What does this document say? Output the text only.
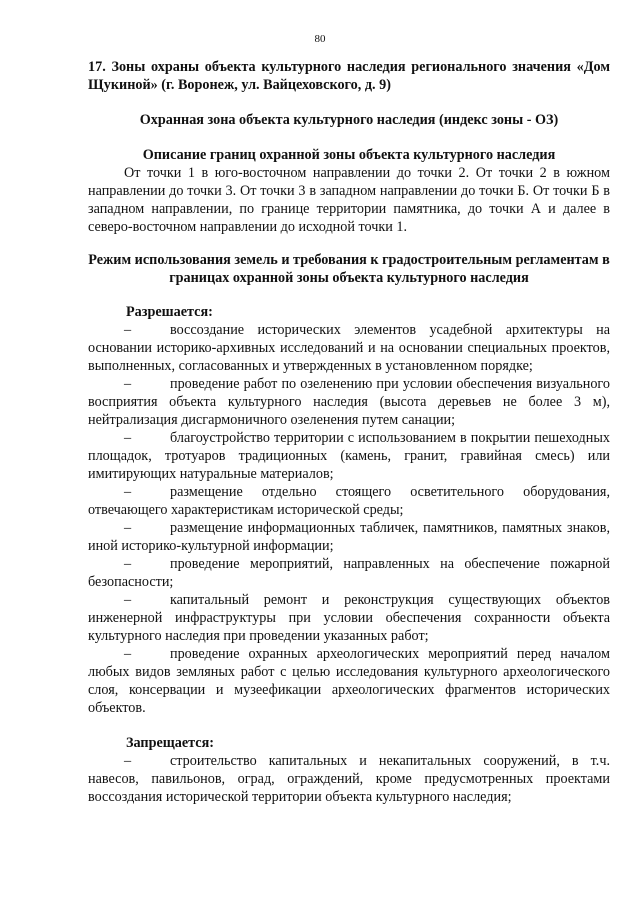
80
17. Зоны охраны объекта культурного наследия регионального значения «Дом Щукиной» (г. Воронеж, ул. Вайцеховского, д. 9)
Охранная зона объекта культурного наследия (индекс зоны - ОЗ)
Описание границ охранной зоны объекта культурного наследия
От точки 1 в юго-восточном направлении до точки 2. От точки 2 в южном направлении до точки 3. От точки 3 в западном направлении до точки Б. От точки Б в западном направлении, по границе территории памятника, до точки А и далее в северо-восточном направлении до исходной точки 1.
Режим использования земель и требования к градостроительным регламентам в границах охранной зоны объекта культурного наследия
Разрешается:
–	воссоздание исторических элементов усадебной архитектуры на основании историко-архивных исследований и на основании специальных проектов, выполненных, согласованных и утвержденных в установленном порядке;
–	проведение работ по озеленению при условии обеспечения визуального восприятия объекта культурного наследия (высота деревьев не более 3 м), нейтрализация дисгармоничного озеленения путем санации;
–	благоустройство территории с использованием в покрытии пешеходных площадок, тротуаров традиционных (камень, гранит, гравийная смесь) или имитирующих натуральные материалов;
–	размещение отдельно стоящего осветительного оборудования, отвечающего характеристикам исторической среды;
–	размещение информационных табличек, памятников, памятных знаков, иной историко-культурной информации;
–	проведение мероприятий, направленных на обеспечение пожарной безопасности;
–	капитальный ремонт и реконструкция существующих объектов инженерной инфраструктуры при условии обеспечения сохранности объекта культурного наследия при проведении указанных работ;
–	проведение охранных археологических мероприятий перед началом любых видов земляных работ с целью исследования культурного археологического слоя, консервации и музеефикации археологических фрагментов исторических объектов.
Запрещается:
–	строительство капитальных и некапитальных сооружений, в т.ч. навесов, павильонов, оград, ограждений, кроме предусмотренных проектами воссоздания исторической территории объекта культурного наследия;
